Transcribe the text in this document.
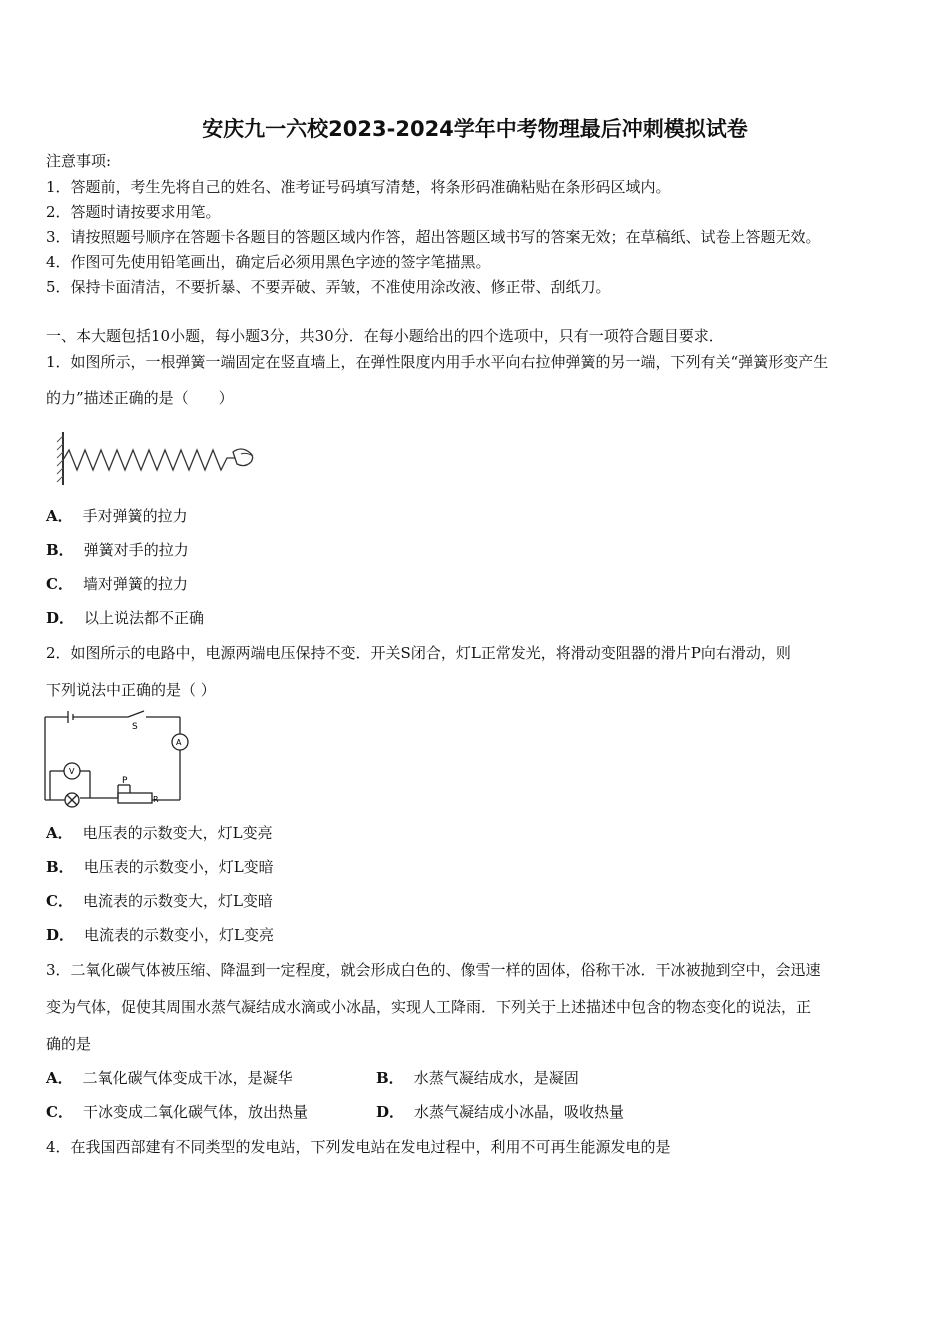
安庆九一六校2023-2024学年中考物理最后冲刺模拟试卷
注意事项:
1．答题前，考生先将自己的姓名、准考证号码填写清楚，将条形码准确粘贴在条形码区域内。
2．答题时请按要求用笔。
3．请按照题号顺序在答题卡各题目的答题区域内作答，超出答题区域书写的答案无效；在草稿纸、试卷上答题无效。
4．作图可先使用铅笔画出，确定后必须用黑色字迹的签字笔描黑。
5．保持卡面清洁，不要折暴、不要弄破、弄皱，不准使用涂改液、修正带、刮纸刀。
一、本大题包括10小题，每小题3分，共30分．在每小题给出的四个选项中，只有一项符合题目要求．
1．如图所示，一根弹簧一端固定在竖直墙上，在弹性限度内用手水平向右拉伸弹簧的另一端，下列有关“弹簧形变产生
的力”描述正确的是（　　）
A． 手对弹簧的拉力
B． 弹簧对手的拉力
C． 墙对弹簧的拉力
D． 以上说法都不正确
2．如图所示的电路中，电源两端电压保持不变．开关S闭合，灯L正常发光，将滑动变阻器的滑片P向右滑动，则
下列说法中正确的是（ ）
S
A
V
P
R
A． 电压表的示数变大，灯L变亮
B． 电压表的示数变小，灯L变暗
C． 电流表的示数变大，灯L变暗
D． 电流表的示数变小，灯L变亮
3．二氧化碳气体被压缩、降温到一定程度，就会形成白色的、像雪一样的固体，俗称干冰．干冰被抛到空中，会迅速
变为气体，促使其周围水蒸气凝结成水滴或小冰晶，实现人工降雨．下列关于上述描述中包含的物态变化的说法，正
确的是
A． 二氧化碳气体变成干冰，是凝华	B． 水蒸气凝结成水，是凝固
C． 干冰变成二氧化碳气体，放出热量	D． 水蒸气凝结成小冰晶，吸收热量
4．在我国西部建有不同类型的发电站，下列发电站在发电过程中，利用不可再生能源发电的是
